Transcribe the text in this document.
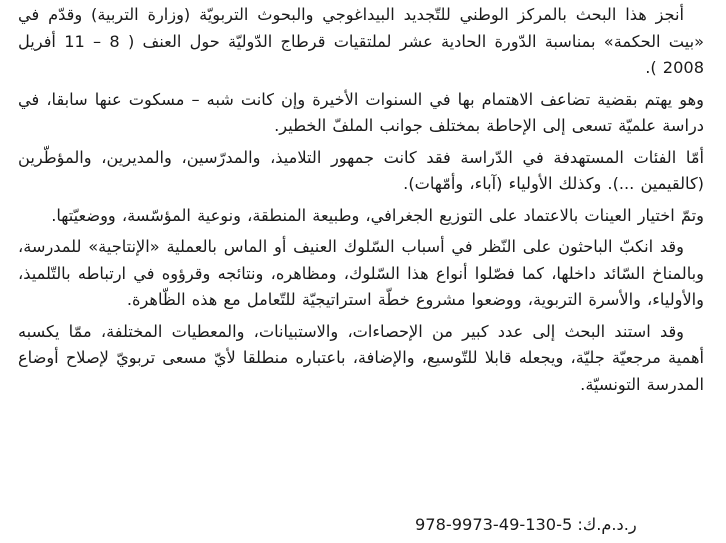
أنجز هذا البحث بالمركز الوطني للتّجديد البيداغوجي والبحوث التربويّة (وزارة التربية) وقدّم في «بيت الحكمة» بمناسبة الدّورة الحادية عشر لملتقيات قرطاج الدّوليّة حول العنف ( 8 – 11 أفريل 2008 ).

وهو يهتم بقضية تضاعف الاهتمام بها في السنوات الأخيرة وإن كانت شبه – مسكوت عنها سابقا، في دراسة علميّة تسعى إلى الإحاطة بمختلف جوانب الملفّ الخطير.

أمّا الفئات المستهدفة في الدّراسة فقد كانت جمهور التلاميذ، والمدرّسين، والمديرين، والمؤطّرين (كالقيمين ...). وكذلك الأولياء (آباء، وأمّهات).

وتمّ اختيار العينات بالاعتماد على التوزيع الجغرافي، وطبيعة المنطقة، ونوعية المؤسّسة، ووضعيّتها.

وقد انكبّ الباحثون على النّظر في أسباب السّلوك العنيف أو الماس بالعملية «الإنتاجية» للمدرسة، وبالمناخ السّائد داخلها، كما فصّلوا أنواع هذا السّلوك، ومظاهره، ونتائجه وقرؤوه في ارتباطه بالتّلميذ، والأولياء، والأسرة التربوية، ووضعوا مشروع خطّة استراتيجيّة للتّعامل مع هذه الظّاهرة.

وقد استند البحث إلى عدد كبير من الإحصاءات، والاستبيانات، والمعطيات المختلفة، ممّا يكسبه أهمية مرجعيّة جليّة، ويجعله قابلا للتّوسيع، والإضافة، باعتباره منطلقا لأيّ مسعى تربويّ لإصلاح أوضاع المدرسة التونسيّة.

ر.د.م.ك: 978-9973-49-130-5
